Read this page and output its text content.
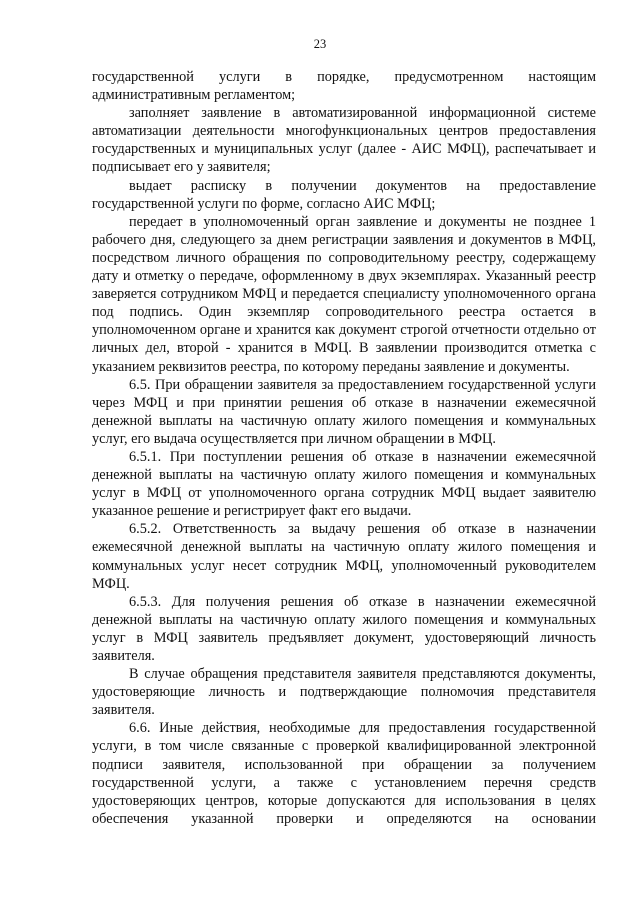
23

государственной услуги в порядке, предусмотренном настоящим административным регламентом;

заполняет заявление в автоматизированной информационной системе автоматизации деятельности многофункциональных центров предоставления государственных и муниципальных услуг (далее - АИС МФЦ), распечатывает и подписывает его у заявителя;

выдает расписку в получении документов на предоставление государственной услуги по форме, согласно АИС МФЦ;

передает в уполномоченный орган заявление и документы не позднее 1 рабочего дня, следующего за днем регистрации заявления и документов в МФЦ, посредством личного обращения по сопроводительному реестру, содержащему дату и отметку о передаче, оформленному в двух экземплярах. Указанный реестр заверяется сотрудником МФЦ и передается специалисту уполномоченного органа под подпись. Один экземпляр сопроводительного реестра остается в уполномоченном органе и хранится как документ строгой отчетности отдельно от личных дел, второй - хранится в МФЦ. В заявлении производится отметка с указанием реквизитов реестра, по которому переданы заявление и документы.

6.5. При обращении заявителя за предоставлением государственной услуги через МФЦ и при принятии решения об отказе в назначении ежемесячной денежной выплаты на частичную оплату жилого помещения и коммунальных услуг, его выдача осуществляется при личном обращении в МФЦ.

6.5.1. При поступлении решения об отказе в назначении ежемесячной денежной выплаты на частичную оплату жилого помещения и коммунальных услуг в МФЦ от уполномоченного органа сотрудник МФЦ выдает заявителю указанное решение и регистрирует факт его выдачи.

6.5.2. Ответственность за выдачу решения об отказе в назначении ежемесячной денежной выплаты на частичную оплату жилого помещения и коммунальных услуг несет сотрудник МФЦ, уполномоченный руководителем МФЦ.

6.5.3. Для получения решения об отказе в назначении ежемесячной денежной выплаты на частичную оплату жилого помещения и коммунальных услуг в МФЦ заявитель предъявляет документ, удостоверяющий личность заявителя.

В случае обращения представителя заявителя представляются документы, удостоверяющие личность и подтверждающие полномочия представителя заявителя.

6.6. Иные действия, необходимые для предоставления государственной услуги, в том числе связанные с проверкой квалифицированной электронной подписи заявителя, использованной при обращении за получением государственной услуги, а также с установлением перечня средств удостоверяющих центров, которые допускаются для использования в целях обеспечения указанной проверки и определяются на основании
